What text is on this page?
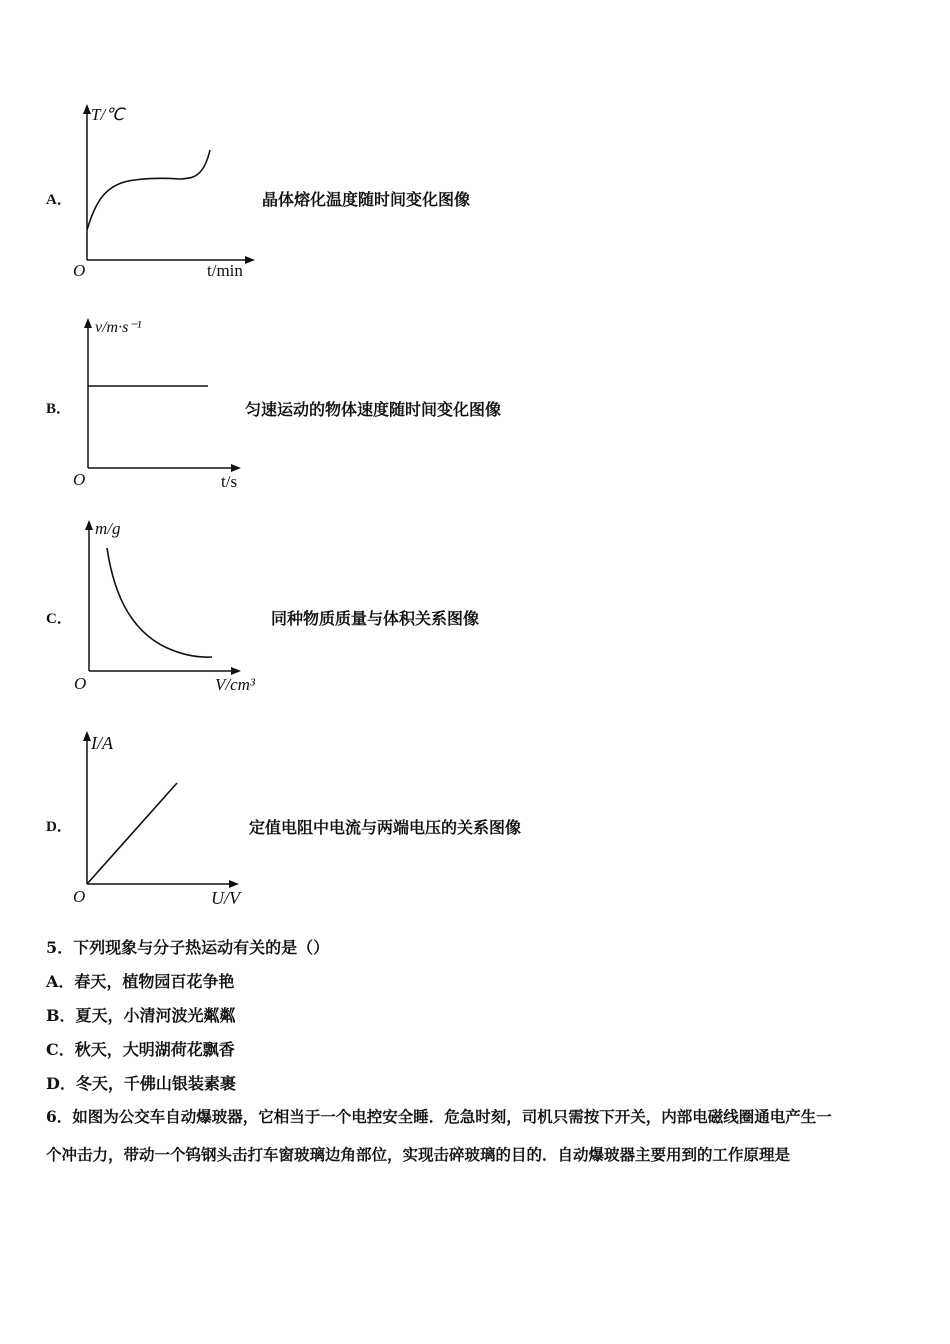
A．
T/℃
t/min
O
晶体熔化温度随时间变化图像
B．
v/m·s⁻¹
t/s
O
匀速运动的物体速度随时间变化图像
C．
m/g
V/cm³
O
同种物质质量与体积关系图像
D．
I/A
U/V
O
定值电阻中电流与两端电压的关系图像
5．下列现象与分子热运动有关的是（）
A．春天，植物园百花争艳
B．夏天，小清河波光粼粼
C．秋天，大明湖荷花飘香
D．冬天，千佛山银装素裹
6．如图为公交车自动爆玻器，它相当于一个电控安全睡．危急时刻，司机只需按下开关，内部电磁线圈通电产生一
个冲击力，带动一个钨钢头击打车窗玻璃边角部位，实现击碎玻璃的目的．自动爆玻器主要用到的工作原理是
